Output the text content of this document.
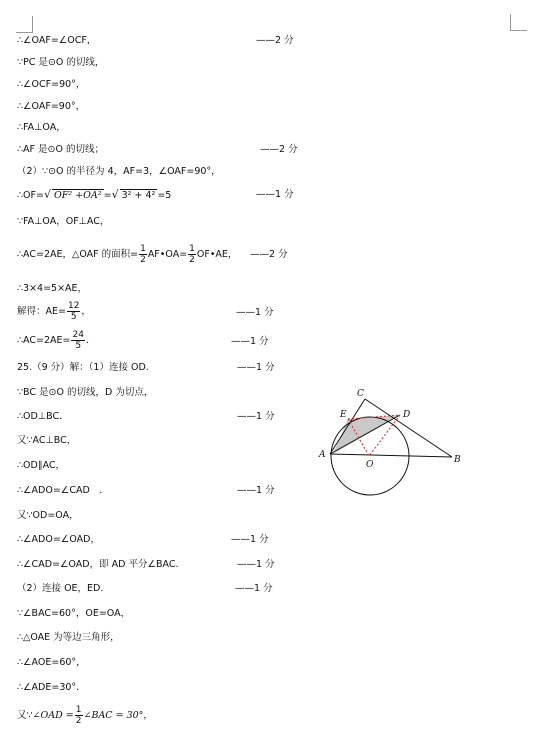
∴∠OAF=∠OCF，	——2 分
∵PC 是⊙O 的切线，
∴∠OCF=90°，
∴∠OAF=90°，
∴FA⊥OA，
∴AF 是⊙O 的切线；	——2 分
（2）∵⊙O 的半径为 4，AF=3，∠OAF=90°，
∴OF=√ OF² +OA² =√ 3² + 4² =5	——1 分
∵FA⊥OA，OF⊥AC，
∴AC=2AE，△OAF 的面积= $\frac{1}{2}$ AF•OA= $\frac{1}{2}$ OF•AE， ——2 分
∴3×4=5×AE，
解得：$AE= \frac{12}{5}$ ，	——1 分
∴AC=2AE= $\frac{24}{5}$ ．	——1 分
25.（9 分）解：（1）连接 OD.	——1 分
∵BC 是⊙O 的切线，D 为切点，
∴OD⊥BC.	——1 分
又∵AC⊥BC，
∴OD∥AC，
∴∠ADO=∠CAD　.	——1 分
又∵OD=OA，
∴∠ADO=∠OAD，	——1 分
∴∠CAD=∠OAD，即 AD 平分∠BAC.	——1 分
（2）连接 OE，ED.	——1 分
∵∠BAC=60°，OE=OA，
∴△OAE 为等边三角形，
∴∠AOE=60°，
∴∠ADE=30°．
又∵∠OAD = $\frac{1}{2}$ ∠BAC = 30°，
C
E	D
A
O	B
